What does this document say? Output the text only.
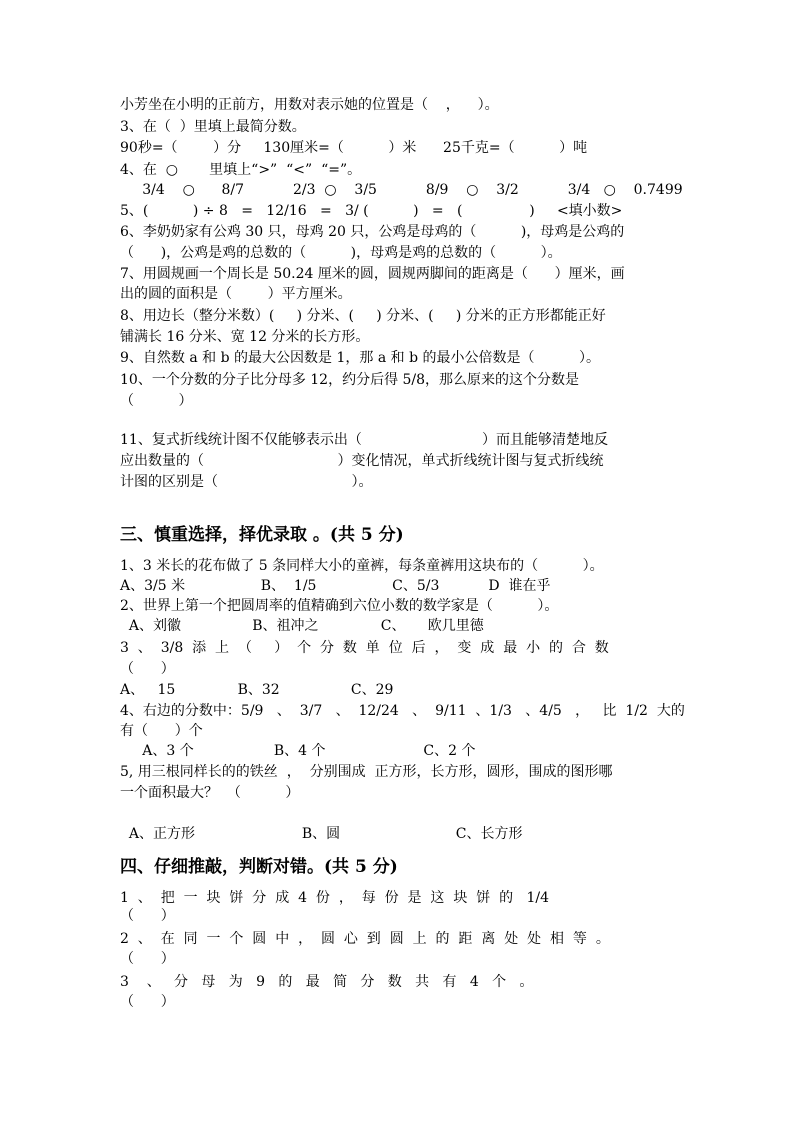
小芳坐在小明的正前方，用数对表示她的位置是（    ，    ）。
3、在（  ）里填上最简分数。
90秒=（        ）分     130厘米=（          ）米      25千克=（          ）吨
4、在  ○       里填上“>”  “<”  “=”。
3/4    ○      8/7           2/3  ○    3/5           8/9    ○    3/2           3/4   ○    0.7499
5、(          ) ÷ 8   =   12/16   =   3/ (          )   =   (               )     <填小数>
6、李奶奶家有公鸡 30 只，母鸡 20 只，公鸡是母鸡的（          )，母鸡是公鸡的
（      )，公鸡是鸡的总数的（          )，母鸡是鸡的总数的（          ）。
7、用圆规画一个周长是 50.24 厘米的圆，圆规两脚间的距离是（      ）厘米，画
出的圆的面积是（        ）平方厘米。
8、用边长（整分米数）(     ) 分米、(     ) 分米、(     ) 分米的正方形都能正好
铺满长 16 分米、宽 12 分米的长方形。
9、自然数 a 和 b 的最大公因数是 1，那 a 和 b 的最小公倍数是（          ）。
10、一个分数的分子比分母多 12，约分后得 5/8，那么原来的这个分数是
（          ）
11、复式折线统计图不仅能够表示出（                           ）而且能够清楚地反
应出数量的（                              ）变化情况，单式折线统计图与复式折线统
计图的区别是（                              ）。
三、慎重选择，择优录取 。(共 5 分)
1、3 米长的花布做了 5 条同样大小的童裤，每条童裤用这块布的（          ）。
A、3/5 米                 B、  1/5                 C、5/3           D  谁在乎
2、世界上第一个把圆周率的值精确到六位小数的数学家是（          ）。
A、刘徽                B、祖冲之              C、     欧几里德
3  、  3/8  添  上  （     ）  个  分  数  单  位  后  ，  变  成  最  小  的  合  数
（      ）
A、   15              B、32                C、29
4、右边的分数中：5/9   、  3/7   、  12/24   、  9/11  、1/3   、4/5   ，   比  1/2  大的
有（      ）个
A、3 个                  B、4 个                      C、2 个
5, 用三根同样长的的铁丝  ，  分别围成  正方形，长方形，圆形，围成的图形哪
一个面积最大？  （          ）
A、正方形                        B、圆                          C、长方形
四、仔细推敲，判断对错。(共 5 分)
1  、  把  一  块  饼  分  成  4  份  ，  每  份  是  这  块  饼  的   1/4
（      ）
2  、  在  同  一  个  圆  中  ，  圆  心  到  圆  上  的  距  离  处  处  相  等  。
（      ）
3    、   分   母   为   9   的   最   简   分   数   共   有   4   个   。
（      ）
